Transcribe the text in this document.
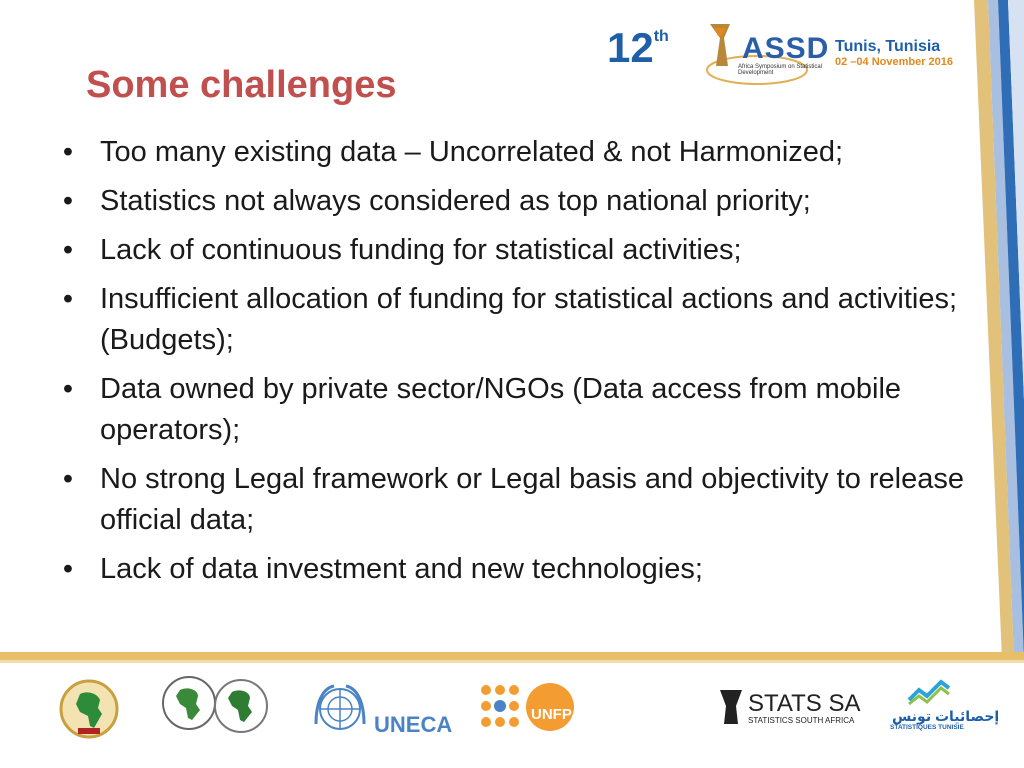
12th ASSD
Africa Symposium on Statistical Development
Tunis, Tunisia
02 –04 November 2016
Some challenges
• Too many existing data – Uncorrelated & not Harmonized;
• Statistics not always considered as top national priority;
• Lack of continuous funding for statistical activities;
• Insufficient allocation of funding for statistical actions and activities; (Budgets);
• Data owned by private sector/NGOs (Data access from mobile operators);
• No strong Legal framework or Legal basis and objectivity to release official data;
• Lack of data investment and new technologies;
UNECA	UNFPA	STATS SA
STATISTICS SOUTH AFRICA	إحصائيات تونس
STATISTIQUES TUNISIE
